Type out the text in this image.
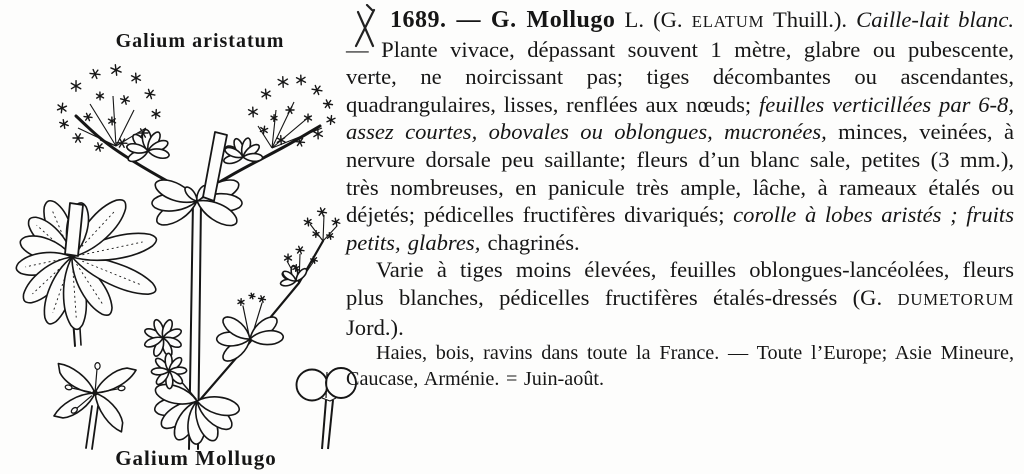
Galium aristatum
Galium Mollugo

1689. — G. Mollugo L. (G. ELATUM Thuill.). Caille-lait blanc. — Plante vivace, dépassant souvent 1 mètre, glabre ou pubescente, verte, ne noircissant pas; tiges décombantes ou ascendantes, quadrangulaires, lisses, renflées aux nœuds; feuilles verticillées par 6-8, assez courtes, obovales ou oblongues, mucronées, minces, veinées, à nervure dorsale peu saillante; fleurs d’un blanc sale, petites (3 mm.), très nombreuses, en panicule très ample, lâche, à rameaux étalés ou déjetés; pédicelles fructifères divariqués; corolle à lobes aristés ; fruits petits, glabres, chagrinés.

Varie à tiges moins élevées, feuilles oblongues-lancéolées, fleurs plus blanches, pédicelles fructifères étalés-dressés (G. DUMETORUM Jord.).

Haies, bois, ravins dans toute la France. — Toute l’Europe; Asie Mineure, Caucase, Arménie. = Juin-août.
